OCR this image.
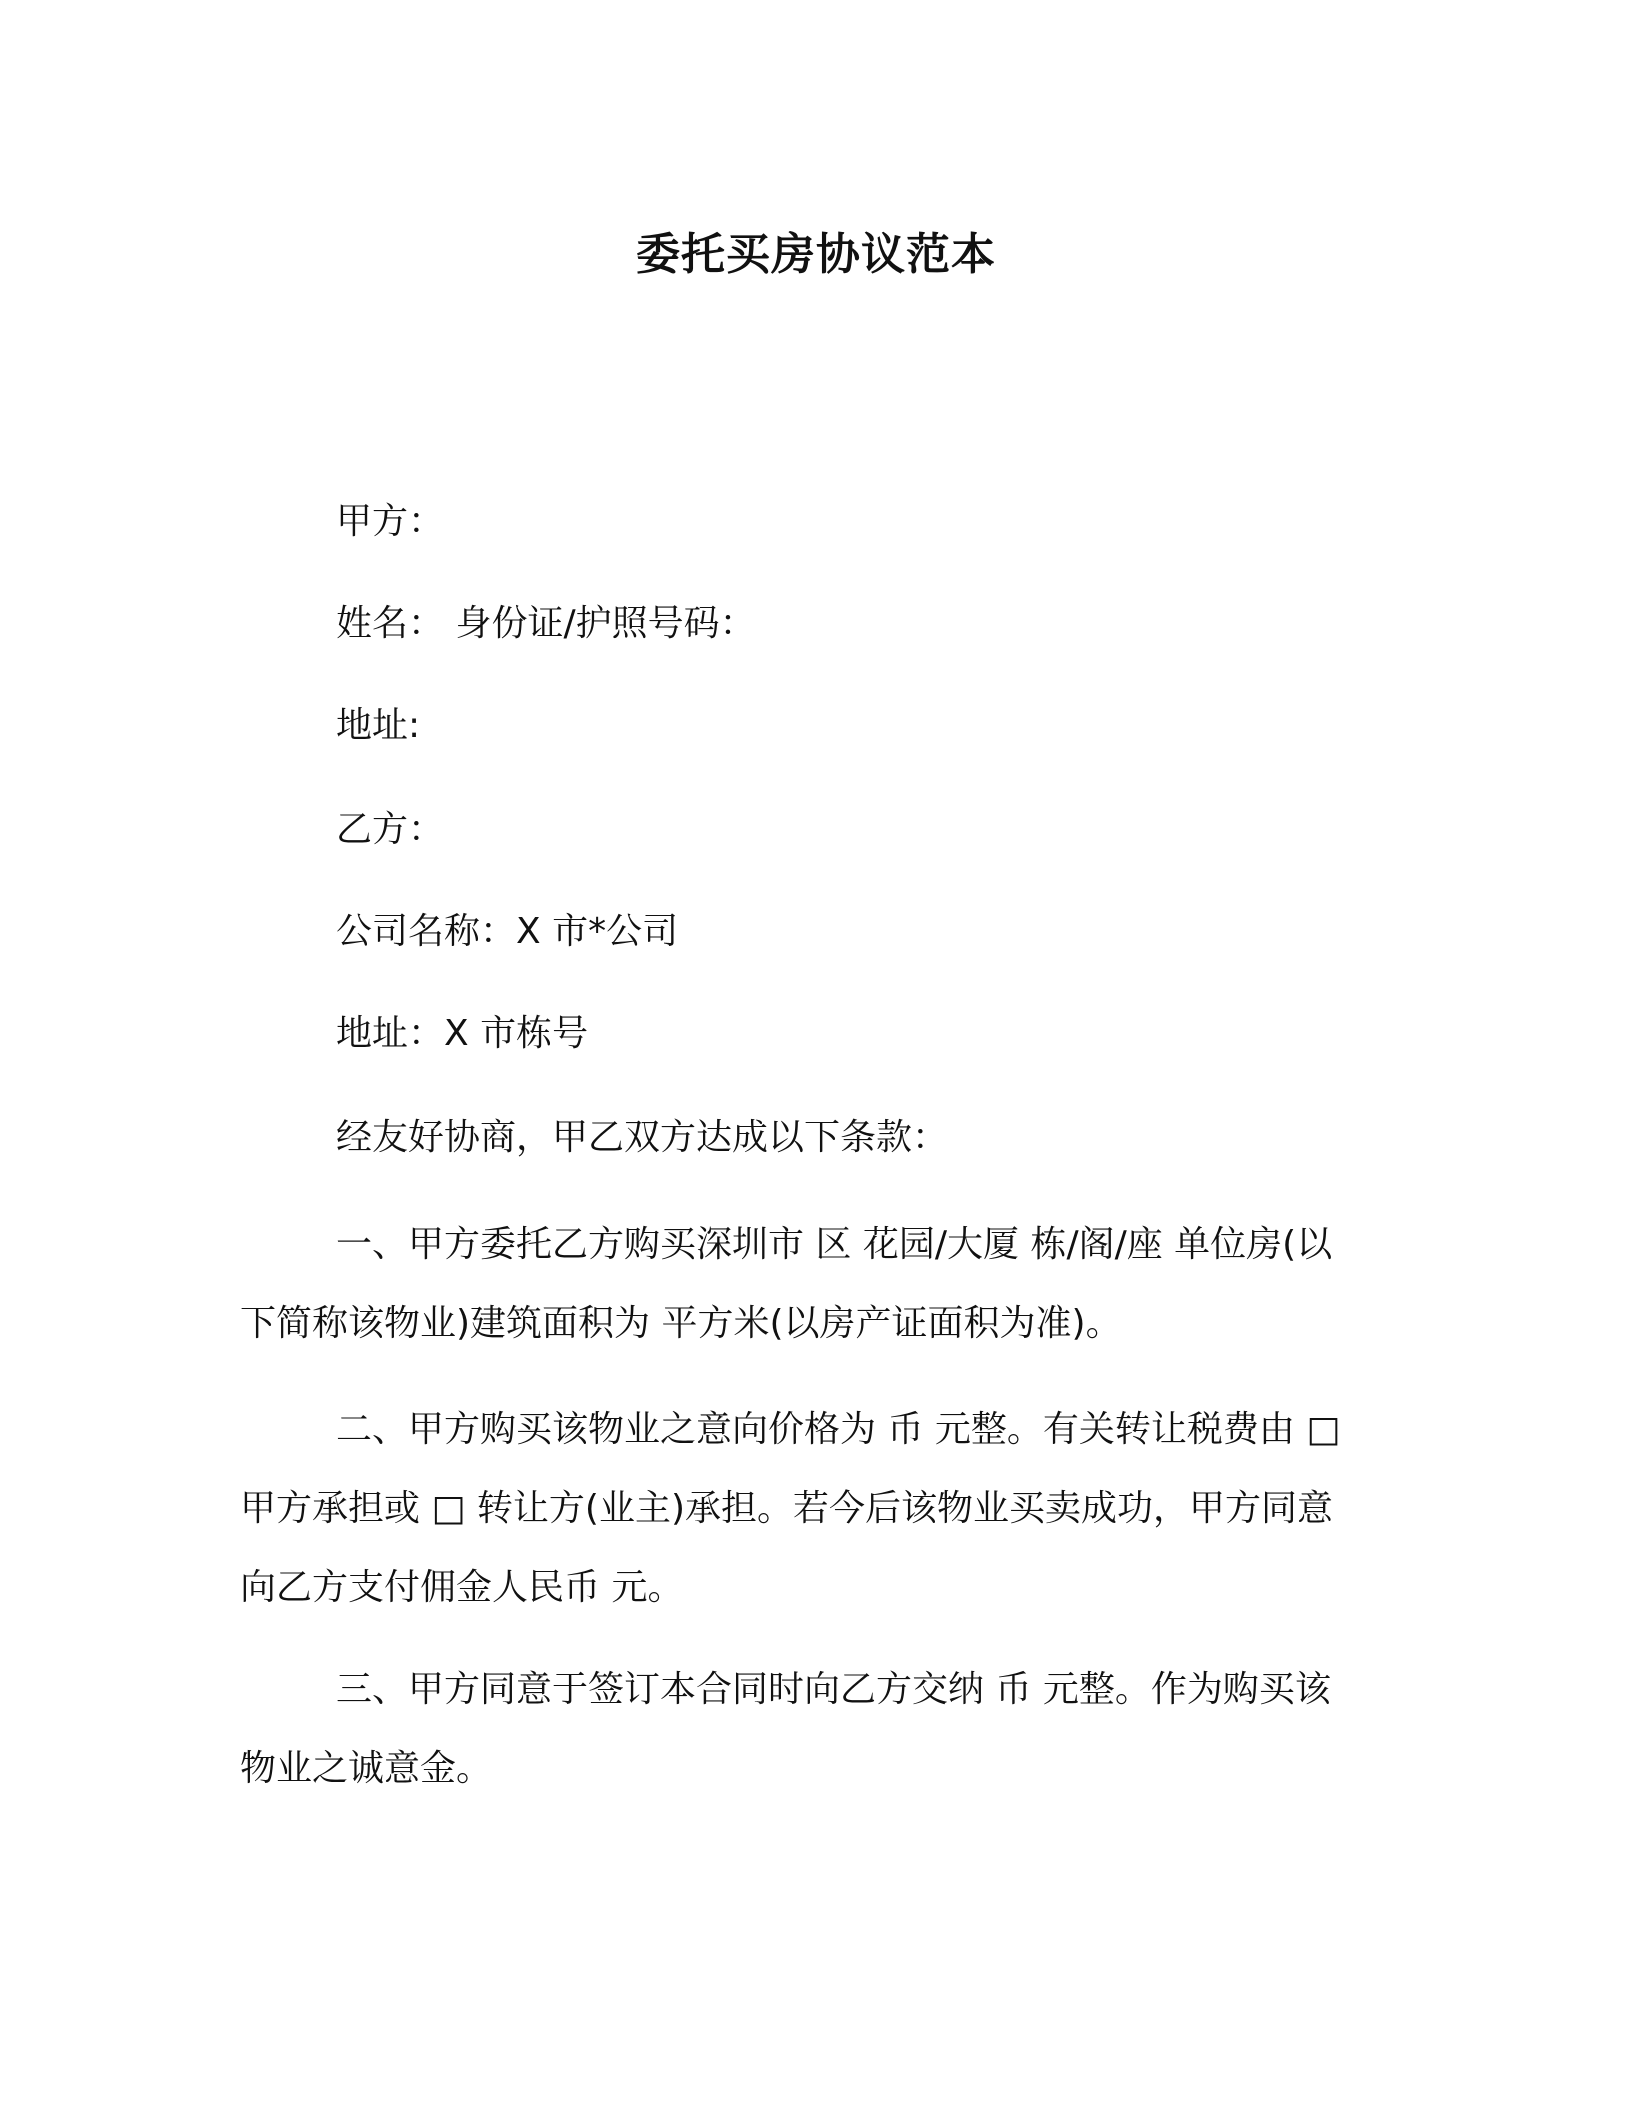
委托买房协议范本
甲方：
姓名： 身份证/护照号码：
地址:
乙方：
公司名称：X 市*公司
地址：X 市栋号
经友好协商，甲乙双方达成以下条款：
一、甲方委托乙方购买深圳市 区 花园/大厦 栋/阁/座 单位房(以下简称该物业)建筑面积为 平方米(以房产证面积为准)。
二、甲方购买该物业之意向价格为 币 元整。有关转让税费由 □ 甲方承担或 □ 转让方(业主)承担。若今后该物业买卖成功，甲方同意向乙方支付佣金人民币 元。
三、甲方同意于签订本合同时向乙方交纳 币 元整。作为购买该物业之诚意金。
